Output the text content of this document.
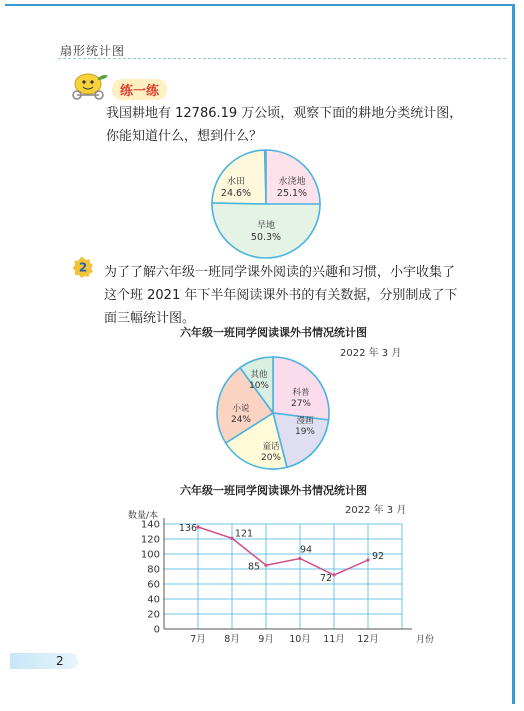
扇形统计图
练一练
我国耕地有 12786.19 万公顷，观察下面的耕地分类统计图，你能知道什么，想到什么？
水田
24.6%
水浇地
25.1%
旱地
50.3%
2 为了了解六年级一班同学课外阅读的兴趣和习惯，小宇收集了这个班 2021 年下半年阅读课外书的有关数据，分别制成了下面三幅统计图。
六年级一班同学阅读课外书情况统计图
2022 年 3 月
科普
27%
漫画
19%
童话
20%
小说
24%
其他
10%
六年级一班同学阅读课外书情况统计图
2022 年 3 月
0
20
40
60
80
100
120
140
数量/本
月份
7月 8月 9月 10月 11月 12月
136	121
85
94
72
92
2
